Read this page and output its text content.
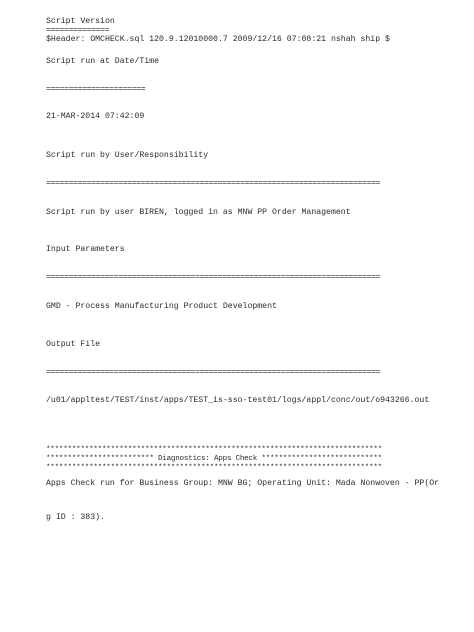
Script Version

==============

$Header: OMCHECK.sql 120.9.12010000.7 2009/12/16 07:08:21 nshah ship $

Script run at Date/Time

======================

21-MAR-2014 07:42:09

Script run by User/Responsibility

==========================================================================

Script run by user BIREN, logged in as MNW PP Order Management

Input Parameters

==========================================================================

GMD - Process Manufacturing Product Development

Output File

==========================================================================

/u01/appltest/TEST/inst/apps/TEST_is-sso-test01/logs/appl/conc/out/o943266.out

******************************************************************************

************************* Diagnostics: Apps Check ****************************

******************************************************************************

Apps Check run for Business Group: MNW BG; Operating Unit: Mada Nonwoven - PP(Or

g ID : 383).
